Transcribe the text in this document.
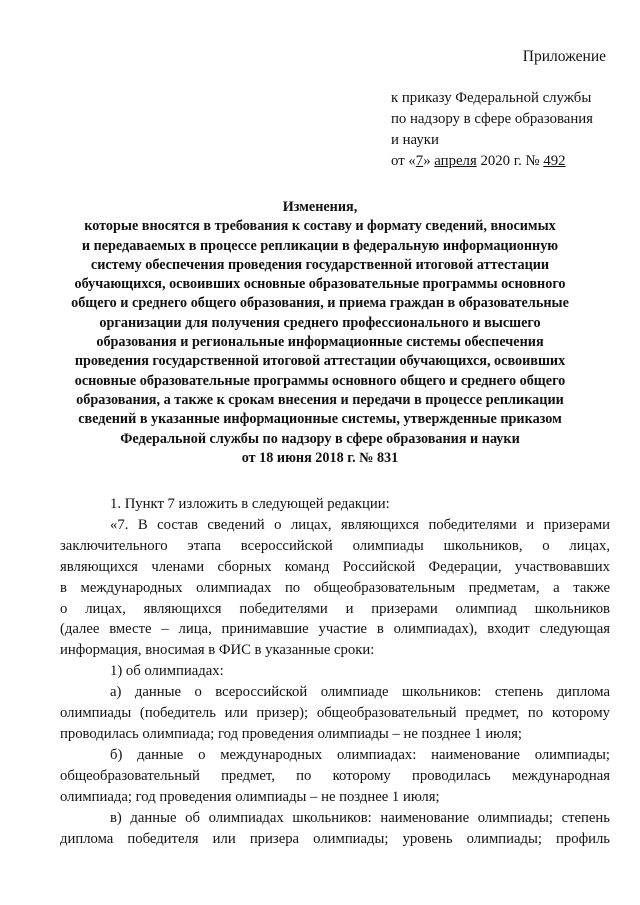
Приложение
к приказу Федеральной службы
по надзору в сфере образования
и науки
от «7» апреля 2020 г. № 492
Изменения,
которые вносятся в требования к составу и формату сведений, вносимых
и передаваемых в процессе репликации в федеральную информационную
систему обеспечения проведения государственной итоговой аттестации
обучающихся, освоивших основные образовательные программы основного
общего и среднего общего образования, и приема граждан в образовательные
организации для получения среднего профессионального и высшего
образования и региональные информационные системы обеспечения
проведения государственной итоговой аттестации обучающихся, освоивших
основные образовательные программы основного общего и среднего общего
образования, а также к срокам внесения и передачи в процессе репликации
сведений в указанные информационные системы, утвержденные приказом
Федеральной службы по надзору в сфере образования и науки
от 18 июня 2018 г. № 831

1. Пункт 7 изложить в следующей редакции:

«7. В состав сведений о лицах, являющихся победителями и призерами

заключительного этапа всероссийской олимпиады школьников, о лицах,

являющихся членами сборных команд Российской Федерации, участвовавших

в международных олимпиадах по общеобразовательным предметам, а также

о лицах, являющихся победителями и призерами олимпиад школьников

(далее вместе – лица, принимавшие участие в олимпиадах), входит следующая

информация, вносимая в ФИС в указанные сроки:

1) об олимпиадах:

а) данные о всероссийской олимпиаде школьников: степень диплома

олимпиады (победитель или призер); общеобразовательный предмет, по которому

проводилась олимпиада; год проведения олимпиады – не позднее 1 июля;

б) данные о международных олимпиадах: наименование олимпиады;

общеобразовательный предмет, по которому проводилась международная

олимпиада; год проведения олимпиады – не позднее 1 июля;

в) данные об олимпиадах школьников: наименование олимпиады; степень

диплома победителя или призера олимпиады; уровень олимпиады; профиль
